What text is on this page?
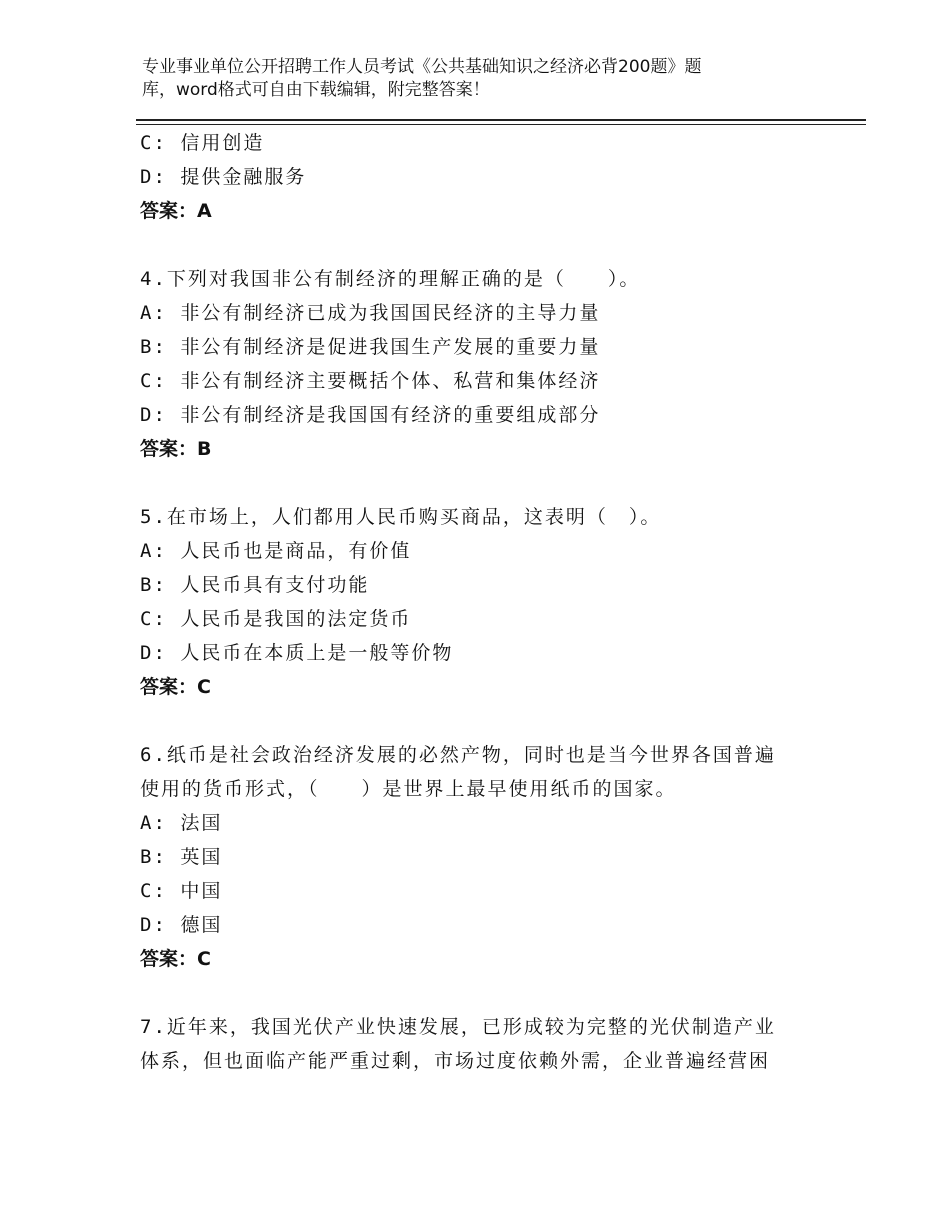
专业事业单位公开招聘工作人员考试《公共基础知识之经济必背200题》题
库，word格式可自由下载编辑，附完整答案！
C: 信用创造
D: 提供金融服务
答案：A
4.下列对我国非公有制经济的理解正确的是（　　）。
A: 非公有制经济已成为我国国民经济的主导力量
B: 非公有制经济是促进我国生产发展的重要力量
C: 非公有制经济主要概括个体、私营和集体经济
D: 非公有制经济是我国国有经济的重要组成部分
答案：B
5.在市场上，人们都用人民币购买商品，这表明（　）。
A: 人民币也是商品，有价值
B: 人民币具有支付功能
C: 人民币是我国的法定货币
D: 人民币在本质上是一般等价物
答案：C
6.纸币是社会政治经济发展的必然产物，同时也是当今世界各国普遍
使用的货币形式，（　　）是世界上最早使用纸币的国家。
A: 法国
B: 英国
C: 中国
D: 德国
答案：C
7.近年来，我国光伏产业快速发展，已形成较为完整的光伏制造产业
体系，但也面临产能严重过剩，市场过度依赖外需，企业普遍经营困
